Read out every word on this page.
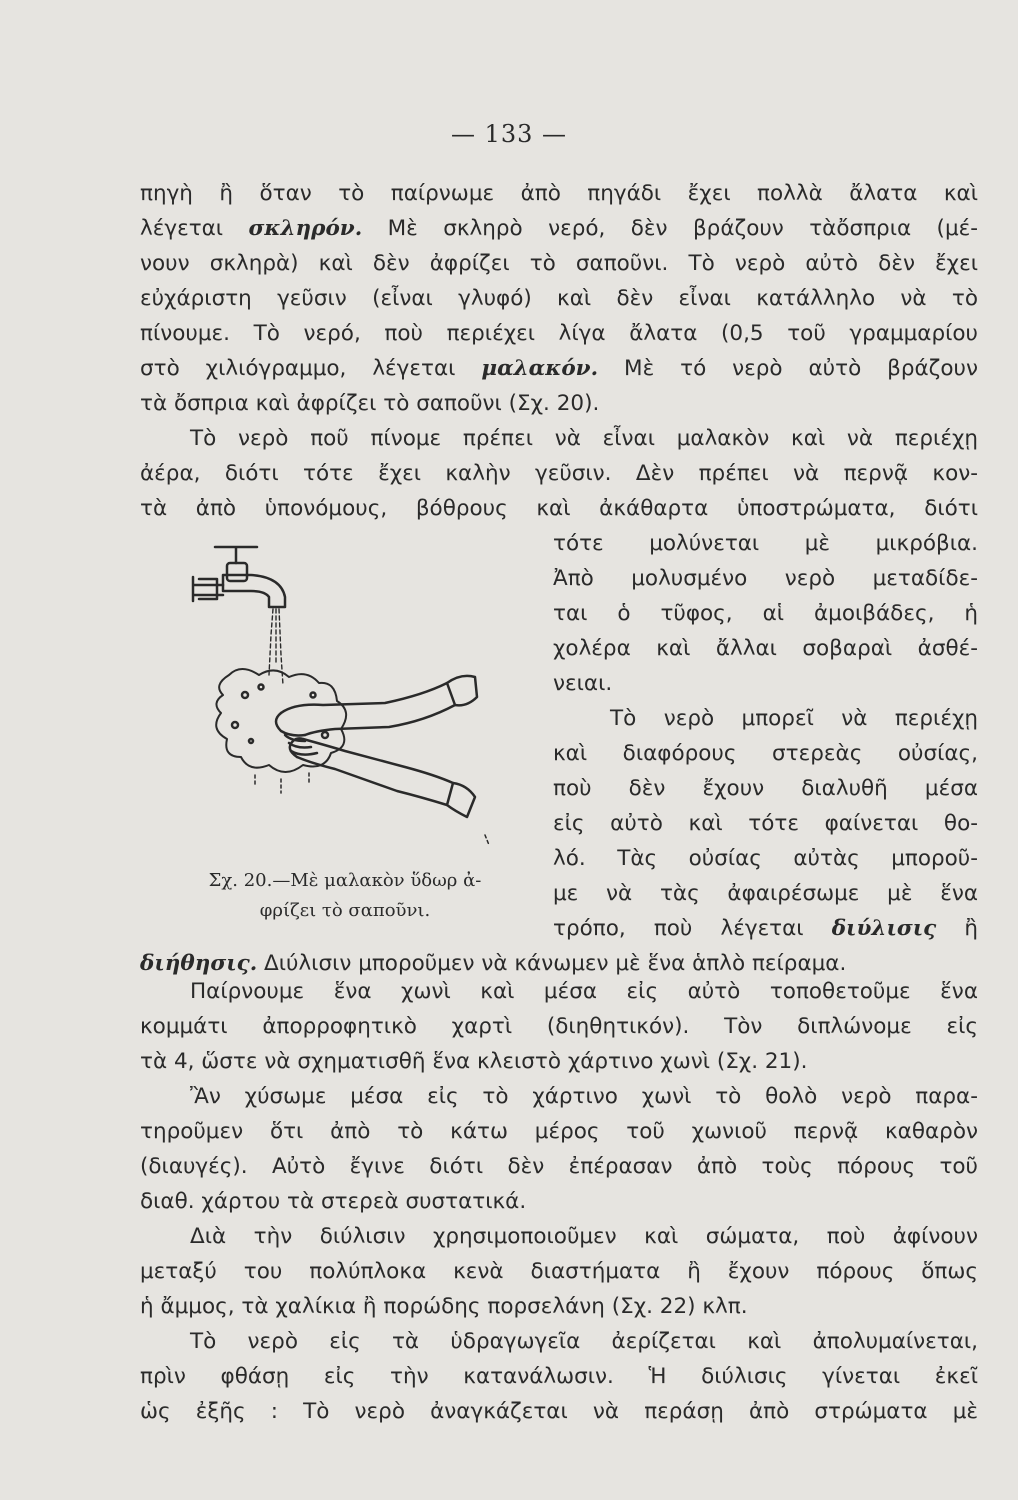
— 133 —
πηγὴ ἢ ὅταν τὸ παίρνωμε ἀπὸ πηγάδι ἔχει πολλὰ ἄλατα καὶ
λέγεται σκληρόν. Μὲ σκληρὸ νερό, δὲν βράζουν τὰὄσπρια (μέ-
νουν σκληρὰ) καὶ δὲν ἀφρίζει τὸ σαποῦνι. Τὸ νερὸ αὐτὸ δὲν ἔχει
εὐχάριστη γεῦσιν (εἶναι γλυφό) καὶ δὲν εἶναι κατάλληλο νὰ τὸ
πίνουμε. Τὸ νερό, ποὺ περιέχει λίγα ἄλατα (0,5 τοῦ γραμμαρίου
στὸ χιλιόγραμμο, λέγεται μαλακόν. Μὲ τό νερὸ αὐτὸ βράζουν
τὰ ὄσπρια καὶ ἀφρίζει τὸ σαποῦνι (Σχ. 20).
Τὸ νερὸ ποῦ πίνομε πρέπει νὰ εἶναι μαλακὸν καὶ νὰ περιέχῃ
ἀέρα, διότι τότε ἔχει καλὴν γεῦσιν. Δὲν πρέπει νὰ περνᾷ κον-
τὰ ἀπὸ ὑπονόμους, βόθρους καὶ ἀκάθαρτα ὑποστρώματα, διότι
τότε μολύνεται μὲ μικρόβια.
Ἀπὸ μολυσμένο νερὸ μεταδίδε-
ται ὁ τῦφος, αἱ ἀμοιβάδες, ἡ
χολέρα καὶ ἄλλαι σοβαραὶ ἀσθέ-
νειαι.
Τὸ νερὸ μπορεῖ νὰ περιέχῃ
καὶ διαφόρους στερεὰς οὐσίας,
ποὺ δὲν ἔχουν διαλυθῆ μέσα
εἰς αὐτὸ καὶ τότε φαίνεται θο-
λό. Τὰς οὐσίας αὐτὰς μποροῦ-
με νὰ τὰς ἀφαιρέσωμε μὲ ἕνα
τρόπο, ποὺ λέγεται διύλισις ἢ
διήθησις. Διύλισιν μποροῦμεν νὰ κάνωμεν μὲ ἕνα ἁπλὸ πείραμα.
Σχ. 20.—Μὲ μαλακὸν ὕδωρ ἀ-
φρίζει τὸ σαποῦνι.
Παίρνουμε ἕνα χωνὶ καὶ μέσα εἰς αὐτὸ τοποθετοῦμε ἕνα
κομμάτι ἀπορροφητικὸ χαρτὶ (διηθητικόν). Τὸν διπλώνομε εἰς
τὰ 4, ὥστε νὰ σχηματισθῆ ἕνα κλειστὸ χάρτινο χωνὶ (Σχ. 21).
Ἂν χύσωμε μέσα εἰς τὸ χάρτινο χωνὶ τὸ θολὸ νερὸ παρα-
τηροῦμεν ὅτι ἀπὸ τὸ κάτω μέρος τοῦ χωνιοῦ περνᾷ καθαρὸν
(διαυγές). Αὐτὸ ἔγινε διότι δὲν ἐπέρασαν ἀπὸ τοὺς πόρους τοῦ
διαθ. χάρτου τὰ στερεὰ συστατικά.
Διὰ τὴν διύλισιν χρησιμοποιοῦμεν καὶ σώματα, ποὺ ἀφίνουν
μεταξύ του πολύπλοκα κενὰ διαστήματα ἢ ἔχουν πόρους ὅπως
ἡ ἄμμος, τὰ χαλίκια ἢ πορώδης πορσελάνη (Σχ. 22) κλπ.
Τὸ νερὸ εἰς τὰ ὑδραγωγεῖα ἀερίζεται καὶ ἀπολυμαίνεται,
πρὶν φθάσῃ εἰς τὴν κατανάλωσιν. Ἡ διύλισις γίνεται ἐκεῖ
ὡς ἐξῆς : Τὸ νερὸ ἀναγκάζεται νὰ περάσῃ ἀπὸ στρώματα μὲ
